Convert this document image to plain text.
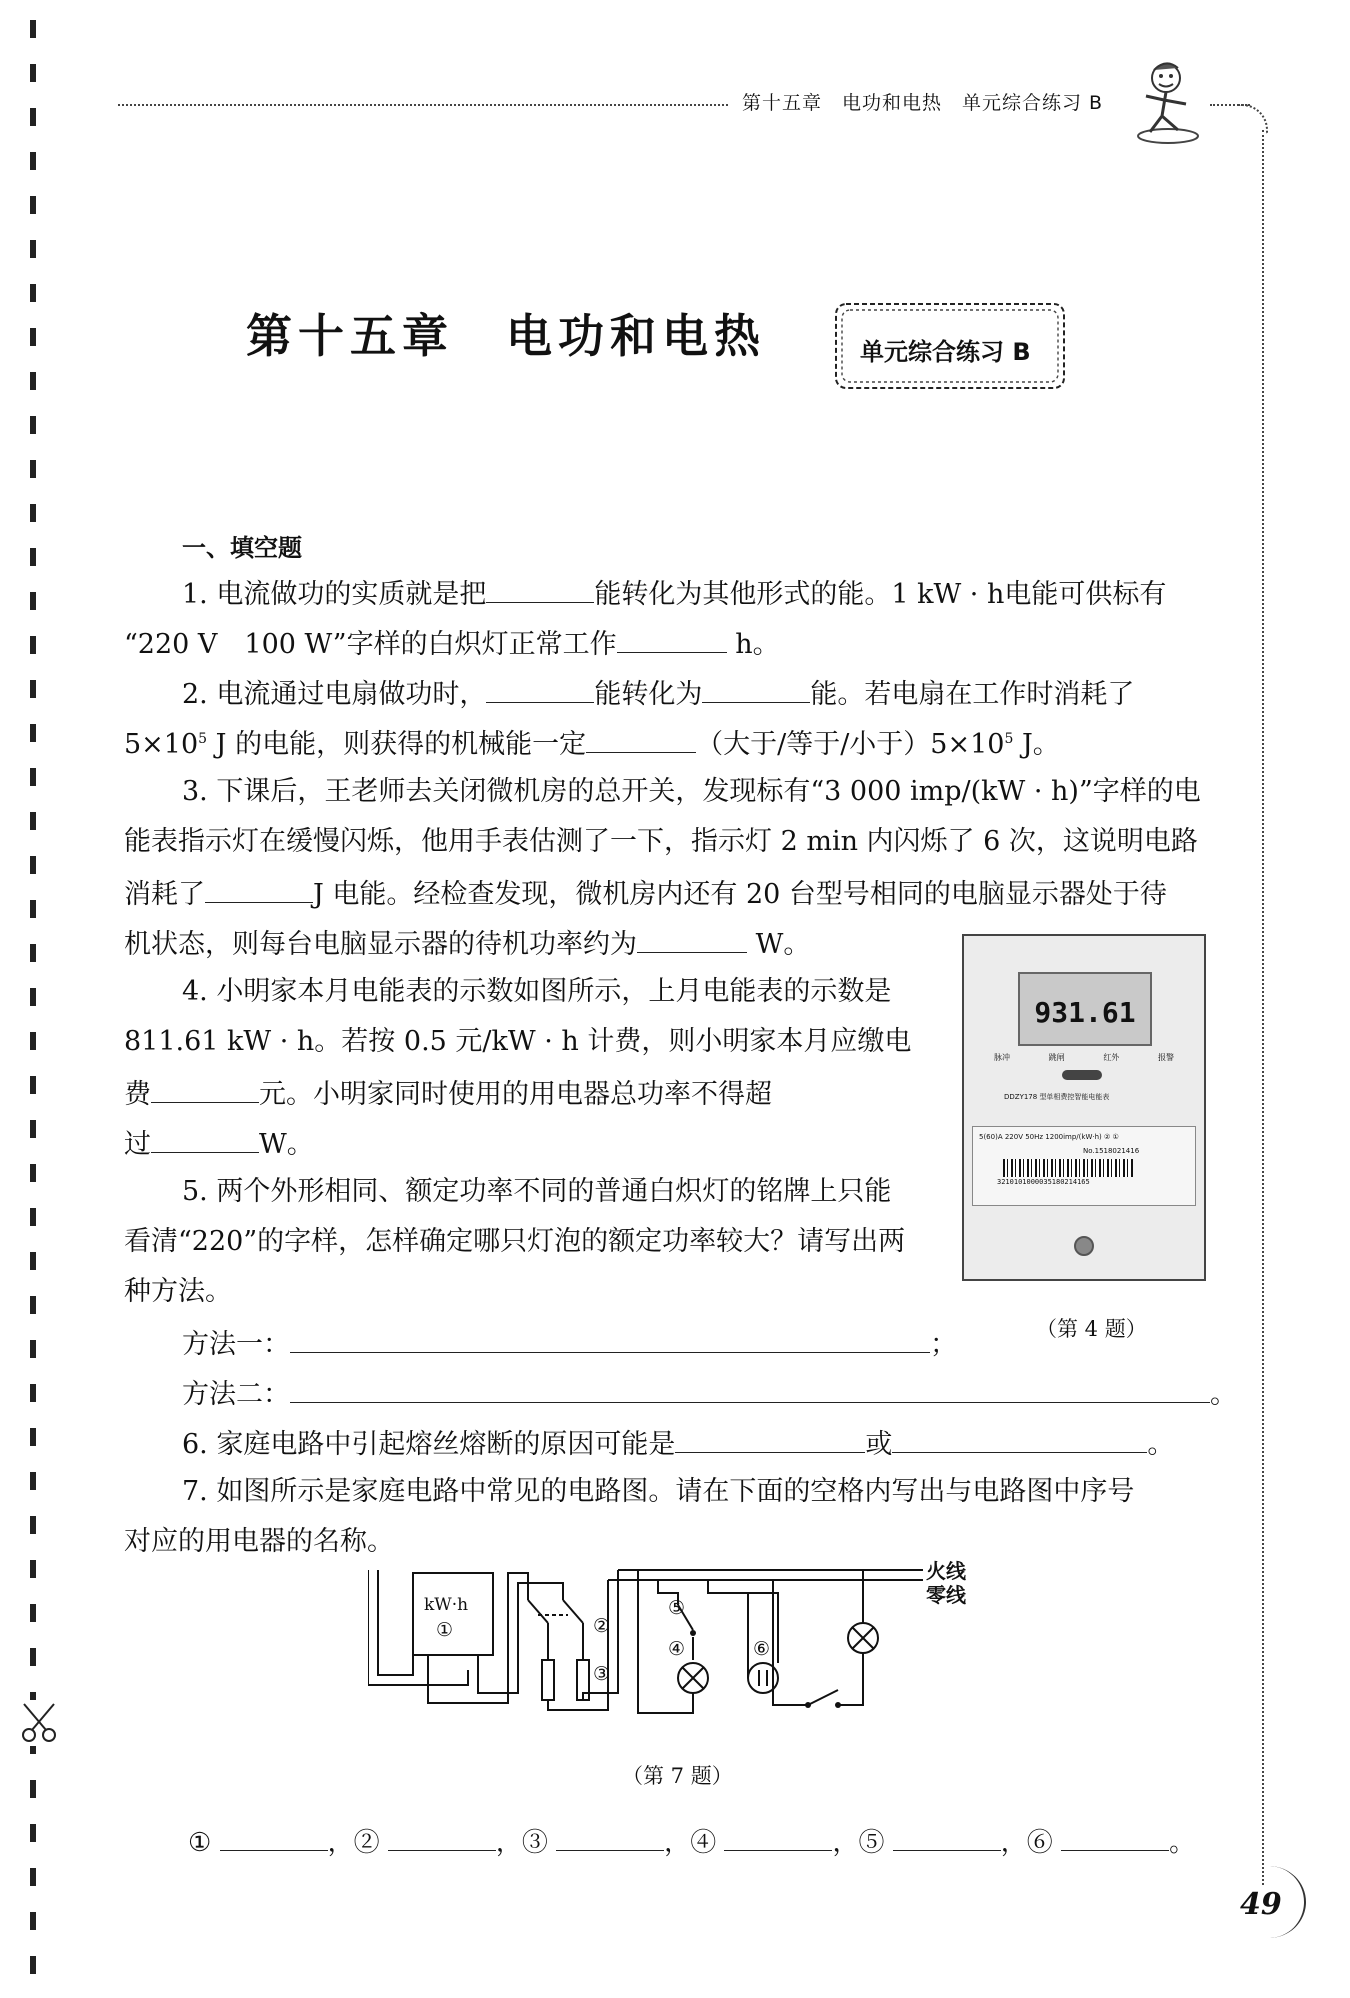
第十五章　电功和电热　单元综合练习 B
第十五章　电功和电热	单元综合练习 B
一、填空题
1. 电流做功的实质就是把	能转化为其他形式的能。1 kW · h电能可供标有
“220 V　100 W”字样的白炽灯正常工作	h。
2. 电流通过电扇做功时，	能转化为	能。若电扇在工作时消耗了
$5\times 10^5$ J 的电能，则获得的机械能一定	（大于/等于/小于）$5\times 10^5$ J。
3. 下课后，王老师去关闭微机房的总开关，发现标有“3 000 imp/(kW · h)”字样的电
能表指示灯在缓慢闪烁，他用手表估测了一下，指示灯 2 min 内闪烁了 6 次，这说明电路
消耗了	J 电能。经检查发现，微机房内还有 20 台型号相同的电脑显示器处于待
机状态，则每台电脑显示器的待机功率约为	W。
4. 小明家本月电能表的示数如图所示，上月电能表的示数是
811.61 kW · h。若按 0.5 元/kW · h 计费，则小明家本月应缴电
费	元。小明家同时使用的用电器总功率不得超
过	W。
5. 两个外形相同、额定功率不同的普通白炽灯的铭牌上只能
看清“220”的字样，怎样确定哪只灯泡的额定功率较大？请写出两
种方法。
方法一：	；
方法二：	。
6. 家庭电路中引起熔丝熔断的原因可能是	或	。
7. 如图所示是家庭电路中常见的电路图。请在下面的空格内写出与电路图中序号
对应的用电器的名称。
931.61
脉冲	跳闸	红外	报警
DDZY178 型单相费控智能电能表
5(60)A 220V 50Hz 1200imp/(kW·h) ② ①
No.1518021416
3210101000035180214165
（第 4 题）
kW·h
①	②
③
④
⑤
⑥
火线
零线
（第 7 题）
①	，②	，③	，④	，⑤	，⑥	。
49
